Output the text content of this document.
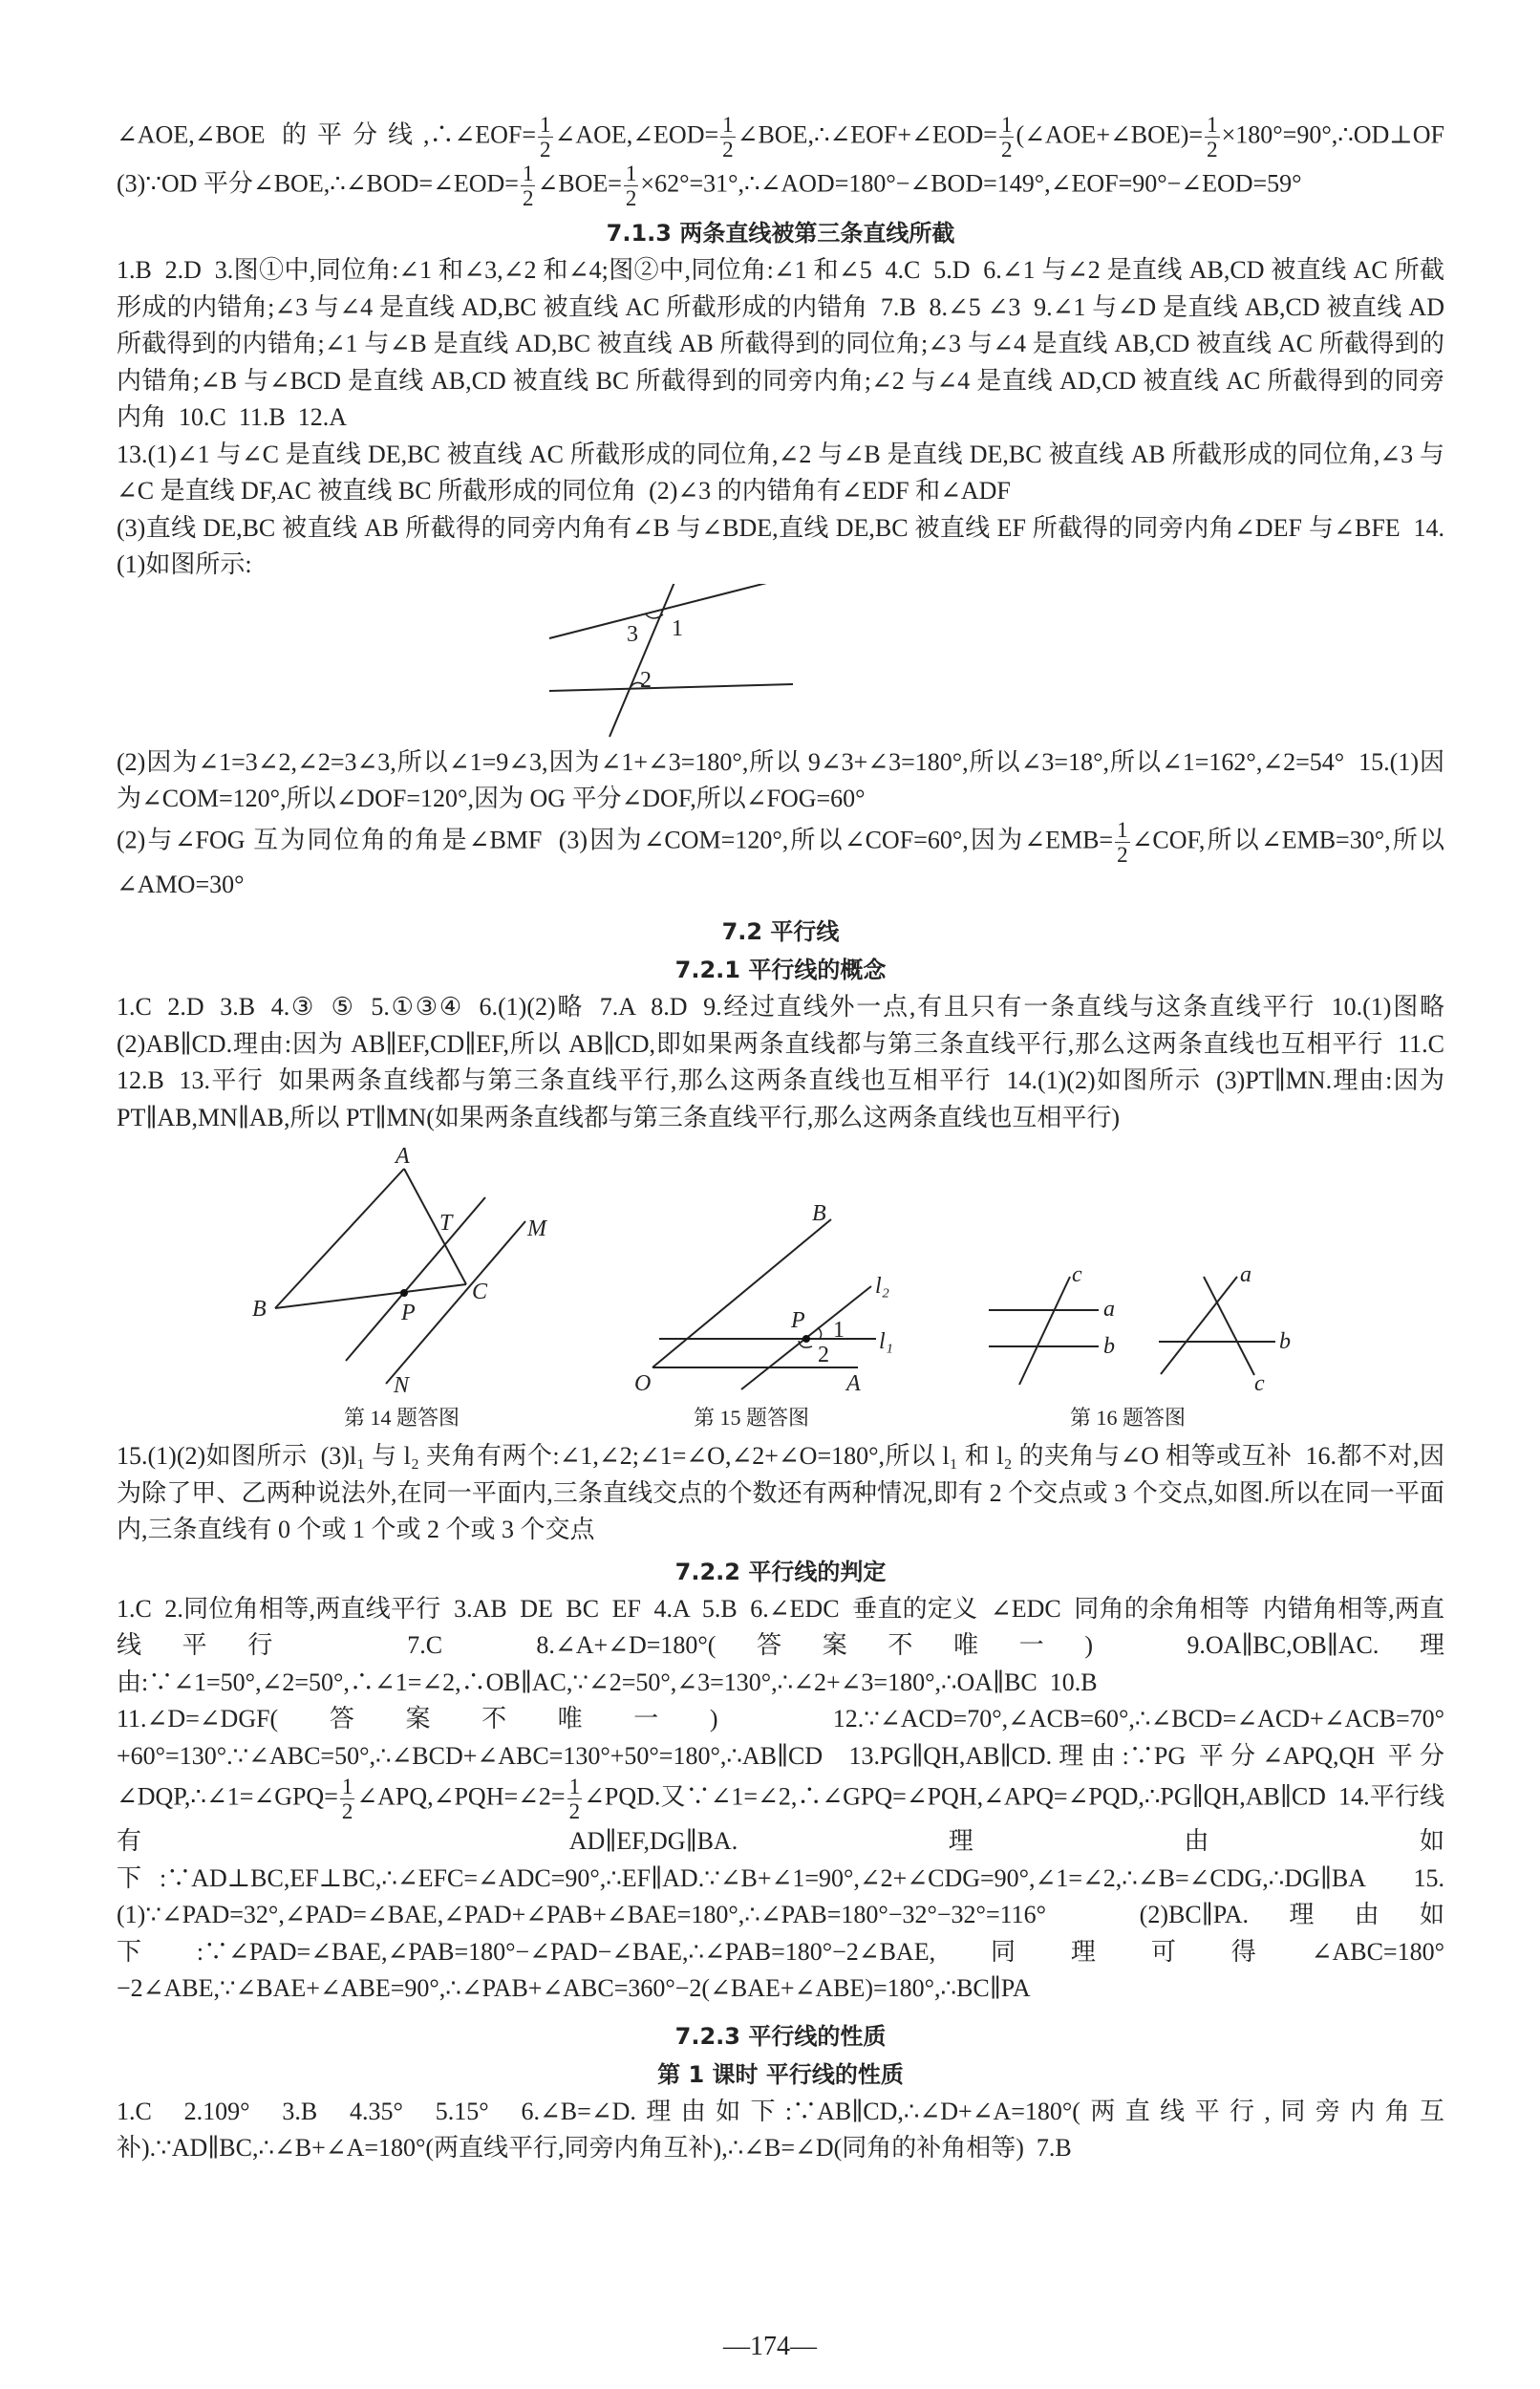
∠AOE,∠BOE 的平分线,∴∠EOF= $\frac{1}{2}$ ∠AOE,∠EOD= $\frac{1}{2}$ ∠BOE,∴∠EOF+∠EOD= $\frac{1}{2}$ (∠AOE+∠BOE)= $\frac{1}{2}$ ×180°=90°,∴OD⊥OF  (3)∵OD 平分∠BOE,∴∠BOD=∠EOD= $\frac{1}{2}$ ∠BOE= $\frac{1}{2}$ ×62°=31°,∴∠AOD=180°−∠BOD=149°,∠EOF=90°−∠EOD=59°
7.1.3 两条直线被第三条直线所截
1.B  2.D  3.图①中,同位角:∠1 和∠3,∠2 和∠4;图②中,同位角:∠1 和∠5  4.C  5.D  6.∠1 与∠2 是直线 AB,CD 被直线 AC 所截形成的内错角;∠3 与∠4 是直线 AD,BC 被直线 AC 所截形成的内错角  7.B  8.∠5 ∠3  9.∠1 与∠D 是直线 AB,CD 被直线 AD 所截得到的内错角;∠1 与∠B 是直线 AD,BC 被直线 AB 所截得到的同位角;∠3 与∠4 是直线 AB,CD 被直线 AC 所截得到的内错角;∠B 与∠BCD 是直线 AB,CD 被直线 BC 所截得到的同旁内角;∠2 与∠4 是直线 AD,CD 被直线 AC 所截得到的同旁内角  10.C  11.B  12.A
13.(1)∠1 与∠C 是直线 DE,BC 被直线 AC 所截形成的同位角,∠2 与∠B 是直线 DE,BC 被直线 AB 所截形成的同位角,∠3 与∠C 是直线 DF,AC 被直线 BC 所截形成的同位角  (2)∠3 的内错角有∠EDF 和∠ADF
(3)直线 DE,BC 被直线 AB 所截得的同旁内角有∠B 与∠BDE,直线 DE,BC 被直线 EF 所截得的同旁内角∠DEF 与∠BFE  14.(1)如图所示:
3 1
2
(2)因为∠1=3∠2,∠2=3∠3,所以∠1=9∠3,因为∠1+∠3=180°,所以 9∠3+∠3=180°,所以∠3=18°,所以∠1=162°,∠2=54°  15.(1)因为∠COM=120°,所以∠DOF=120°,因为 OG 平分∠DOF,所以∠FOG=60°
(2)与∠FOG 互为同位角的角是∠BMF  (3)因为∠COM=120°,所以∠COF=60°,因为∠EMB= $\frac{1}{2}$ ∠COF,所以∠EMB=30°,所以∠AMO=30°
7.2 平行线
7.2.1 平行线的概念
1.C  2.D  3.B  4.③  ⑤  5.①③④  6.(1)(2)略  7.A  8.D  9.经过直线外一点,有且只有一条直线与这条直线平行  10.(1)图略  (2)AB∥CD.理由:因为 AB∥EF,CD∥EF,所以 AB∥CD,即如果两条直线都与第三条直线平行,那么这两条直线也互相平行  11.C  12.B  13.平行  如果两条直线都与第三条直线平行,那么这两条直线也互相平行  14.(1)(2)如图所示  (3)PT∥MN.理由:因为 PT∥AB,MN∥AB,所以 PT∥MN(如果两条直线都与第三条直线平行,那么这两条直线也互相平行)
A
T	M
B	P
C
N
第 14 题答图
B
l₂
P 1 l₁
2
O	A
第 15 题答图
c
a
b
a
b
c
第 16 题答图
15.(1)(2)如图所示  (3)l₁ 与 l₂ 夹角有两个:∠1,∠2;∠1=∠O,∠2+∠O=180°,所以 l₁ 和 l₂ 的夹角与∠O 相等或互补  16.都不对,因为除了甲、乙两种说法外,在同一平面内,三条直线交点的个数还有两种情况,即有 2 个交点或 3 个交点,如图.所以在同一平面内,三条直线有 0 个或 1 个或 2 个或 3 个交点
7.2.2 平行线的判定
1.C  2.同位角相等,两直线平行  3.AB  DE  BC  EF  4.A  5.B  6.∠EDC  垂直的定义  ∠EDC  同角的余角相等  内错角相等,两直线平行  7.C  8.∠A+∠D=180°(答案不唯一)  9.OA∥BC,OB∥AC.理由:∵∠1=50°,∠2=50°,∴∠1=∠2,∴OB∥AC,∵∠2=50°,∠3=130°,∴∠2+∠3=180°,∴OA∥BC  10.B
11.∠D=∠DGF(答案不唯一)  12.∵∠ACD=70°,∠ACB=60°,∴∠BCD=∠ACD+∠ACB=70°+60°=130°.∵∠ABC=50°,∴∠BCD+∠ABC=130°+50°=180°,∴AB∥CD  13.PG∥QH,AB∥CD.理由:∵PG 平分∠APQ,QH 平分∠DQP,∴∠1=∠GPQ= $\frac{1}{2}$ ∠APQ,∠PQH=∠2= $\frac{1}{2}$ ∠PQD.又∵∠1=∠2,∴∠GPQ=∠PQH,∠APQ=∠PQD,∴PG∥QH,AB∥CD  14.平行线有 AD∥EF,DG∥BA.理由如下:∵AD⊥BC,EF⊥BC,∴∠EFC=∠ADC=90°,∴EF∥AD.∵∠B+∠1=90°,∠2+∠CDG=90°,∠1=∠2,∴∠B=∠CDG,∴DG∥BA  15.(1)∵∠PAD=32°,∠PAD=∠BAE,∠PAD+∠PAB+∠BAE=180°,∴∠PAB=180°−32°−32°=116°  (2)BC∥PA.理由如下:∵∠PAD=∠BAE,∠PAB=180°−∠PAD−∠BAE,∴∠PAB=180°−2∠BAE,同理可得∠ABC=180°−2∠ABE,∵∠BAE+∠ABE=90°,∴∠PAB+∠ABC=360°−2(∠BAE+∠ABE)=180°,∴BC∥PA
7.2.3 平行线的性质
第 1 课时 平行线的性质
1.C  2.109°  3.B  4.35°  5.15°  6.∠B=∠D.理由如下:∵AB∥CD,∴∠D+∠A=180°(两直线平行,同旁内角互补).∵AD∥BC,∴∠B+∠A=180°(两直线平行,同旁内角互补),∴∠B=∠D(同角的补角相等)  7.B
—174—
